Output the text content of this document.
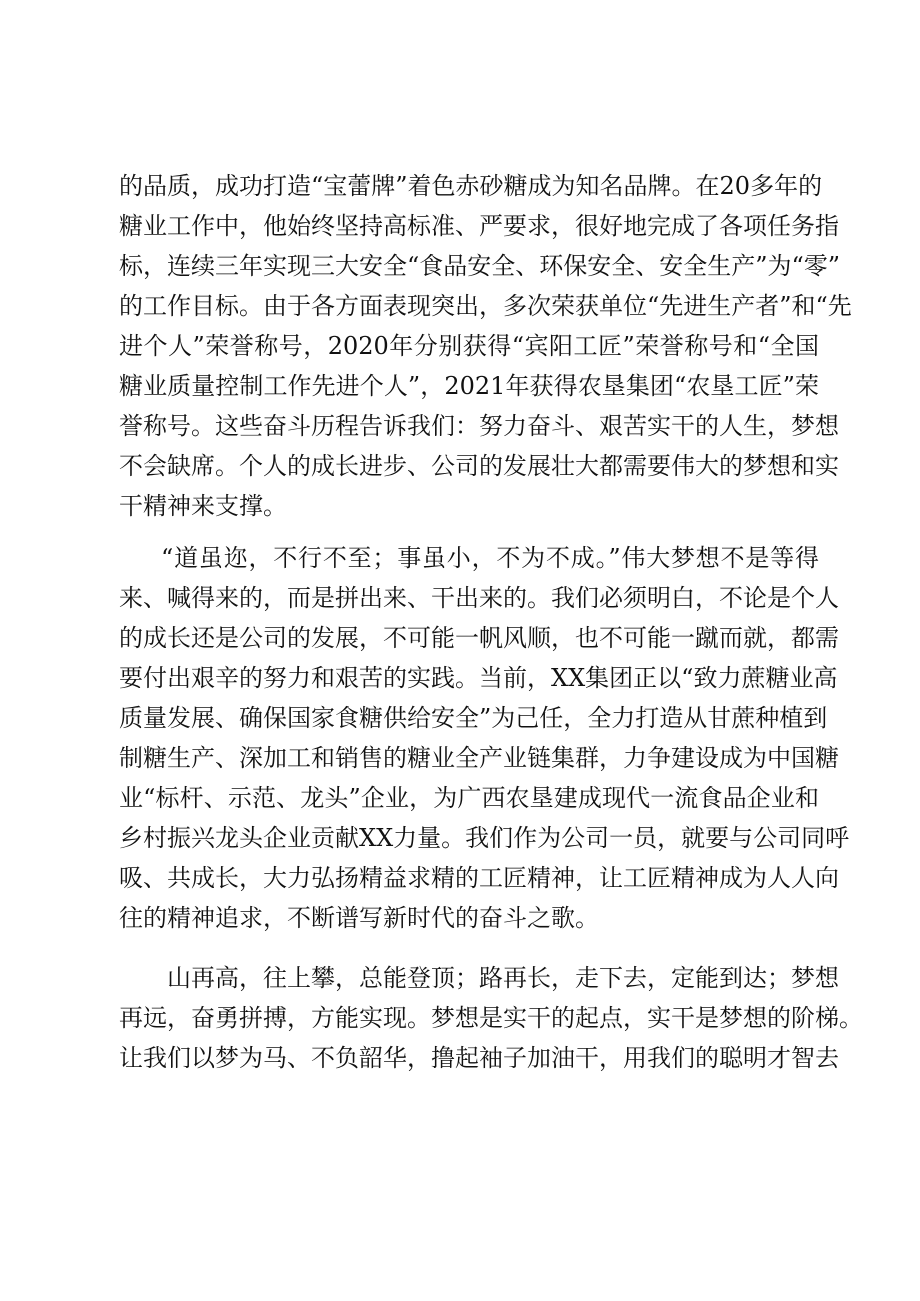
的品质，成功打造“宝蕾牌”着色赤砂糖成为知名品牌。在20多年的
糖业工作中，他始终坚持高标准、严要求，很好地完成了各项任务指
标，连续三年实现三大安全“食品安全、环保安全、安全生产”为“零”
的工作目标。由于各方面表现突出，多次荣获单位“先进生产者”和“先
进个人”荣誉称号，2020年分别获得“宾阳工匠”荣誉称号和“全国
糖业质量控制工作先进个人”，2021年获得农垦集团“农垦工匠”荣
誉称号。这些奋斗历程告诉我们：努力奋斗、艰苦实干的人生，梦想
不会缺席。个人的成长进步、公司的发展壮大都需要伟大的梦想和实
干精神来支撑。
“道虽迩，不行不至；事虽小，不为不成。”伟大梦想不是等得
来、喊得来的，而是拼出来、干出来的。我们必须明白，不论是个人
的成长还是公司的发展，不可能一帆风顺，也不可能一蹴而就，都需
要付出艰辛的努力和艰苦的实践。当前，XX集团正以“致力蔗糖业高
质量发展、确保国家食糖供给安全”为己任，全力打造从甘蔗种植到
制糖生产、深加工和销售的糖业全产业链集群，力争建设成为中国糖
业“标杆、示范、龙头”企业，为广西农垦建成现代一流食品企业和
乡村振兴龙头企业贡献XX力量。我们作为公司一员，就要与公司同呼
吸、共成长，大力弘扬精益求精的工匠精神，让工匠精神成为人人向
往的精神追求，不断谱写新时代的奋斗之歌。
山再高，往上攀，总能登顶；路再长，走下去，定能到达；梦想
再远，奋勇拼搏，方能实现。梦想是实干的起点，实干是梦想的阶梯。
让我们以梦为马、不负韶华，撸起袖子加油干，用我们的聪明才智去
